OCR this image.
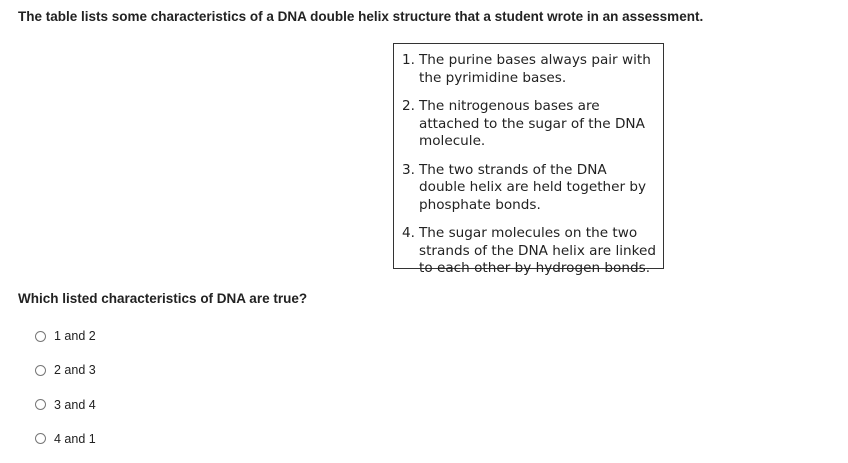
The table lists some characteristics of a DNA double helix structure that a student wrote in an assessment.
1. The purine bases always pair with the pyrimidine bases.
2. The nitrogenous bases are attached to the sugar of the DNA molecule.
3. The two strands of the DNA double helix are held together by phosphate bonds.
4. The sugar molecules on the two strands of the DNA helix are linked to each other by hydrogen bonds.
Which listed characteristics of DNA are true?
1 and 2
2 and 3
3 and 4
4 and 1
